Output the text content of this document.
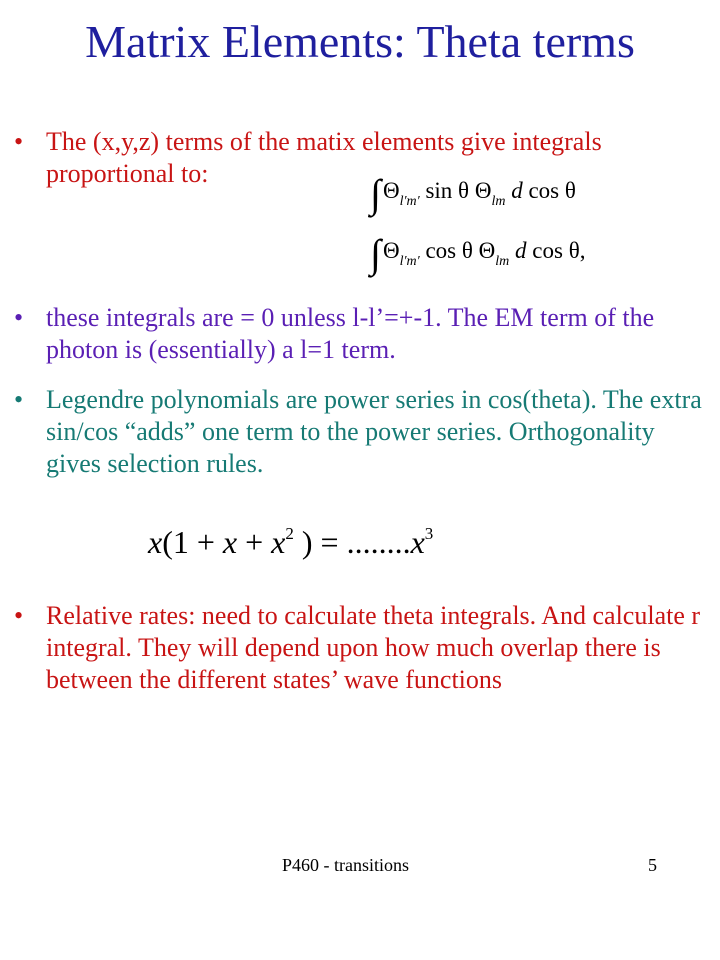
Matrix Elements: Theta terms
• The (x,y,z) terms of the matix elements give integrals proportional to:	$\int\Theta_{l'm'}$ sin θ $\Theta_{lm}$ d cos θ
$\int\Theta_{l'm'}$ cos θ $\Theta_{lm}$ d cos θ,
• these integrals are = 0 unless l-l’=+-1. The EM term of the photon is (essentially) a l=1 term.
• Legendre polynomials are power series in cos(theta). The extra sin/cos “adds” one term to the power series. Orthogonality gives selection rules.
$x(1 + x + x^2$ ) = $........x^3$
• Relative rates: need to calculate theta integrals. And calculate r integral. They will depend upon how much overlap there is between the different states’ wave functions
P460 - transitions	5
